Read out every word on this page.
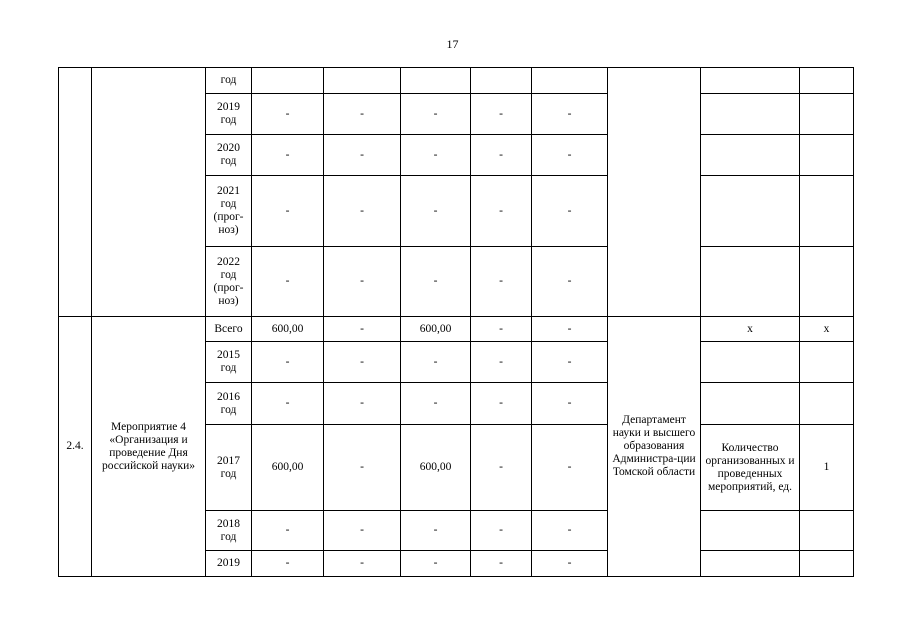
17
		год								
		2019 год	-	-	-	-	-			
		2020 год	-	-	-	-	-			
		2021 год (прог-ноз)	-	-	-	-	-			
		2022 год (прог-ноз)	-	-	-	-	-			
2.4.	Мероприятие 4 «Организация и проведение Дня российской науки»	Всего	600,00	-	600,00	-	-	Департамент науки и высшего образования Администра-ции Томской области	х	х
		2015 год	-	-	-	-	-			
		2016 год	-	-	-	-	-			
		2017 год	600,00	-	600,00	-	-		Количество организованных и проведенных мероприятий, ед.	1
		2018 год	-	-	-	-	-			
		2019	-	-	-	-	-			
